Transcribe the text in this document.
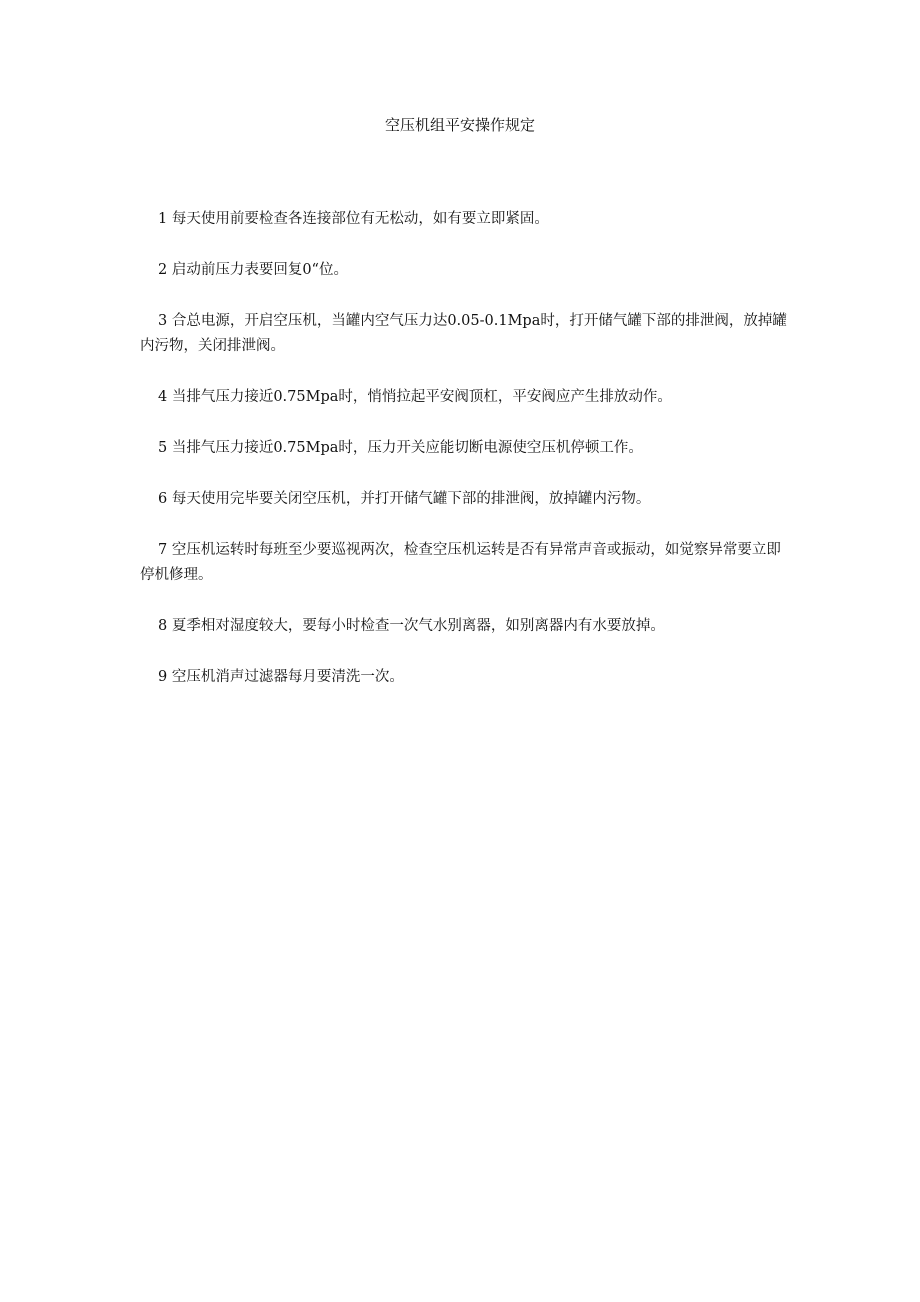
空压机组平安操作规定

1 每天使用前要检查各连接部位有无松动，如有要立即紧固。

2 启动前压力表要回复0“位。

3 合总电源，开启空压机，当罐内空气压力达0.05-0.1Mpa时，打开储气罐下部的排泄阀，放掉罐内污物，关闭排泄阀。

4 当排气压力接近0.75Mpa时，悄悄拉起平安阀顶杠，平安阀应产生排放动作。

5 当排气压力接近0.75Mpa时，压力开关应能切断电源使空压机停顿工作。

6 每天使用完毕要关闭空压机，并打开储气罐下部的排泄阀，放掉罐内污物。

7 空压机运转时每班至少要巡视两次，检查空压机运转是否有异常声音或振动，如觉察异常要立即停机修理。

8 夏季相对湿度较大，要每小时检查一次气水别离器，如别离器内有水要放掉。

9 空压机消声过滤器每月要清洗一次。
